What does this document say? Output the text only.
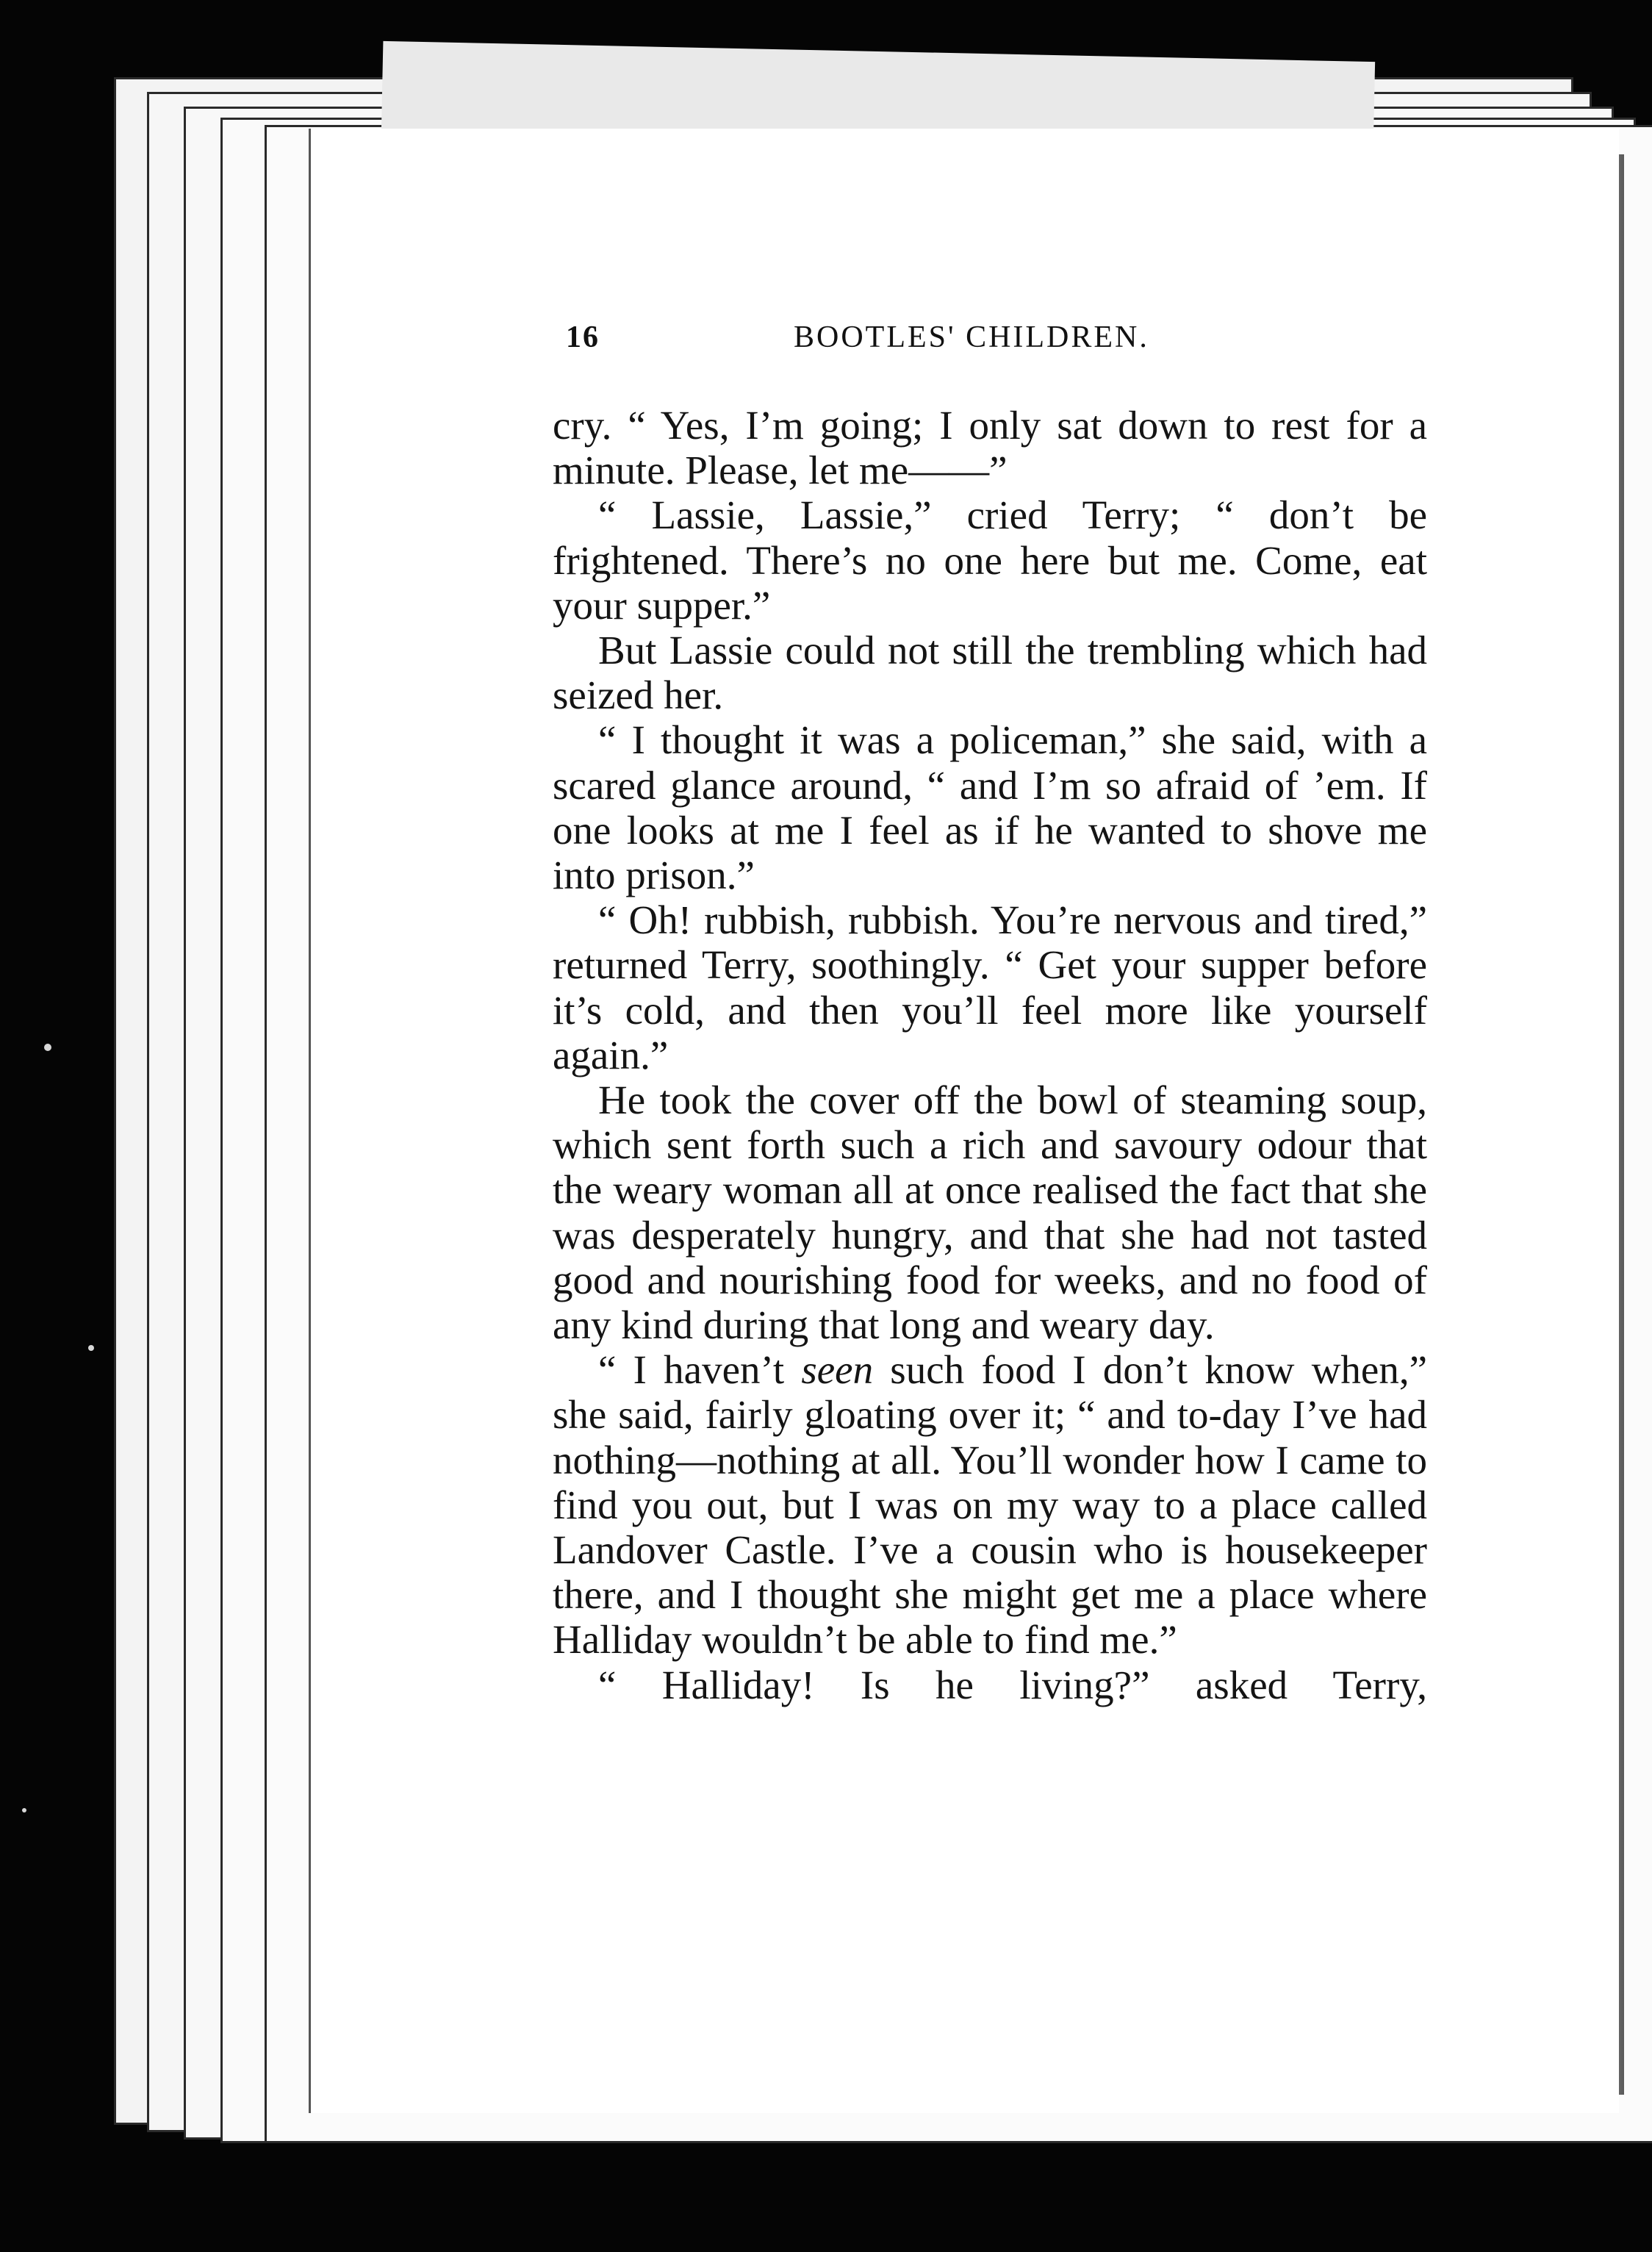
16	BOOTLES' CHILDREN.

cry. “ Yes, I’m going; I only sat down to rest for a minute. Please, let me——”

“ Lassie, Lassie,” cried Terry; “ don’t be frightened. There’s no one here but me. Come, eat your supper.”

But Lassie could not still the trembling which had seized her.

“ I thought it was a policeman,” she said, with a scared glance around, “ and I’m so afraid of ’em. If one looks at me I feel as if he wanted to shove me into prison.”

“ Oh! rubbish, rubbish. You’re nervous and tired,” returned Terry, soothingly. “ Get your supper before it’s cold, and then you’ll feel more like yourself again.”

He took the cover off the bowl of steaming soup, which sent forth such a rich and savoury odour that the weary woman all at once realised the fact that she was desperately hungry, and that she had not tasted good and nourishing food for weeks, and no food of any kind during that long and weary day.

“ I haven’t seen such food I don’t know when,” she said, fairly gloating over it; “ and to-day I’ve had nothing—nothing at all. You’ll wonder how I came to find you out, but I was on my way to a place called Landover Castle. I’ve a cousin who is housekeeper there, and I thought she might get me a place where Halliday wouldn’t be able to find me.”

“ Halliday! Is he living?” asked Terry,
